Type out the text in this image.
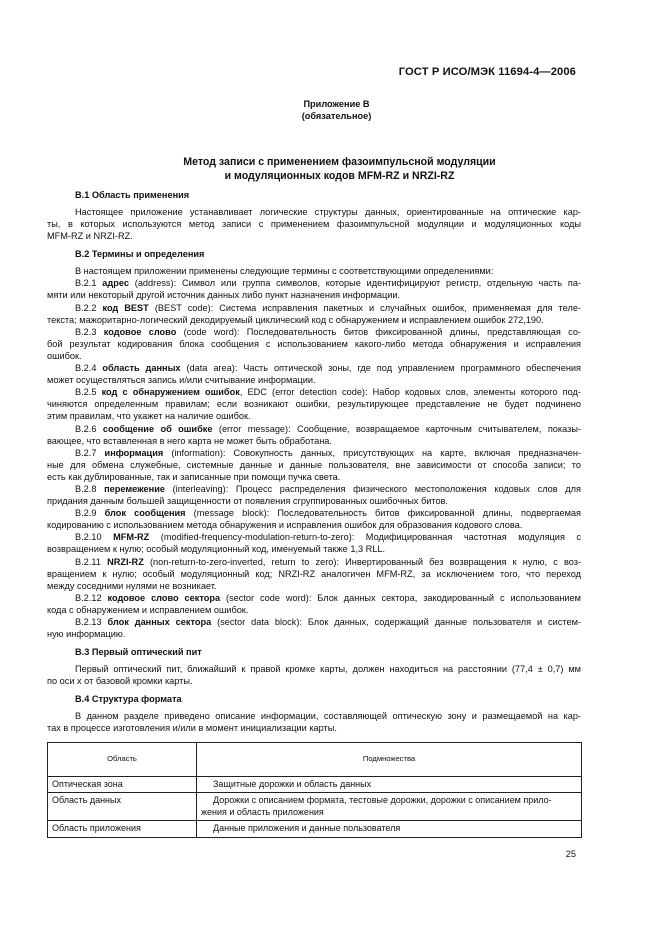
ГОСТ Р ИСО/МЭК 11694-4—2006
Приложение В
(обязательное)
Метод записи с применением фазоимпульсной модуляции
и модуляционных кодов MFM-RZ и NRZI-RZ
В.1 Область применения
Настоящее приложение устанавливает логические структуры данных, ориентированные на оптические кар-
ты, в которых используются метод записи с применением фазоимпульсной модуляции и модуляционных коды
MFM-RZ и NRZI-RZ.
В.2 Термины и определения
В настоящем приложении применены следующие термины с соответствующими определениями:
В.2.1 адрес (address): Символ или группа символов, которые идентифицируют регистр, отдельную часть па-
мяти или некоторый другой источник данных либо пункт назначения информации.
В.2.2 код BEST (BEST code): Система исправления пакетных и случайных ошибок, применяемая для теле-
текста; мажоритарно-логический декодируемый циклический код с обнаружением и исправлением ошибок 272,190.
В.2.3 кодовое слово (code word): Последовательность битов фиксированной длины, представляющая со-
бой результат кодирования блока сообщения с использованием какого-либо метода обнаружения и исправления
ошибок.
В.2.4 область данных (data area): Часть оптической зоны, где под управлением программного обеспечения
может осуществляться запись и/или считывание информации.
В.2.5 код с обнаружением ошибок, EDC (error detection code): Набор кодовых слов, элементы которого под-
чиняются определенным правилам; если возникают ошибки, результирующее представление не будет подчинено
этим правилам, что укажет на наличие ошибок.
В.2.6 сообщение об ошибке (error message): Сообщение, возвращаемое карточным считывателем, показы-
вающее, что вставленная в него карта не может быть обработана.
В.2.7 информация (information): Совокупность данных, присутствующих на карте, включая предназначен-
ные для обмена служебные, системные данные и данные пользователя, вне зависимости от способа записи; то
есть как дублированные, так и записанные при помощи пучка света.
В.2.8 перемежение (interleaving): Процесс распределения физического местоположения кодовых слов для
придания данным большей защищенности от появления сгруппированных ошибочных битов.
В.2.9 блок сообщения (message block): Последовательность битов фиксированной длины, подвергаемая
кодированию с использованием метода обнаружения и исправления ошибок для образования кодового слова.
В.2.10 MFM-RZ (modified-frequency-modulation-return-to-zero): Модифицированная частотная модуляция с
возвращением к нулю; особый модуляционный код, именуемый также 1,3 RLL.
В.2.11 NRZI-RZ (non-return-to-zero-inverted, return to zero): Инвертированный без возвращения к нулю, с воз-
вращением к нулю; особый модуляционный код; NRZI-RZ аналогичен MFM-RZ, за исключением того, что переход
между соседними нулями не возникает.
В.2.12 кодовое слово сектора (sector code word): Блок данных сектора, закодированный с использованием
кода с обнаружением и исправлением ошибок.
В.2.13 блок данных сектора (sector data block): Блок данных, содержащий данные пользователя и систем-
ную информацию.
В.3 Первый оптический пит
Первый оптический пит, ближайший к правой кромке карты, должен находиться на расстоянии (77,4 ± 0,7) мм
по оси x от базовой кромки карты.
В.4 Структура формата
В данном разделе приведено описание информации, составляющей оптическую зону и размещаемой на кар-
тах в процессе изготовления и/или в момент инициализации карты.
Область	Подмножества
Оптическая зона	Защитные дорожки и область данных

Область данных	Дорожки с описанием формата, тестовые дорожки, дорожки с описанием прило-
жения и область приложения

Область приложения	Данные приложения и данные пользователя
25
